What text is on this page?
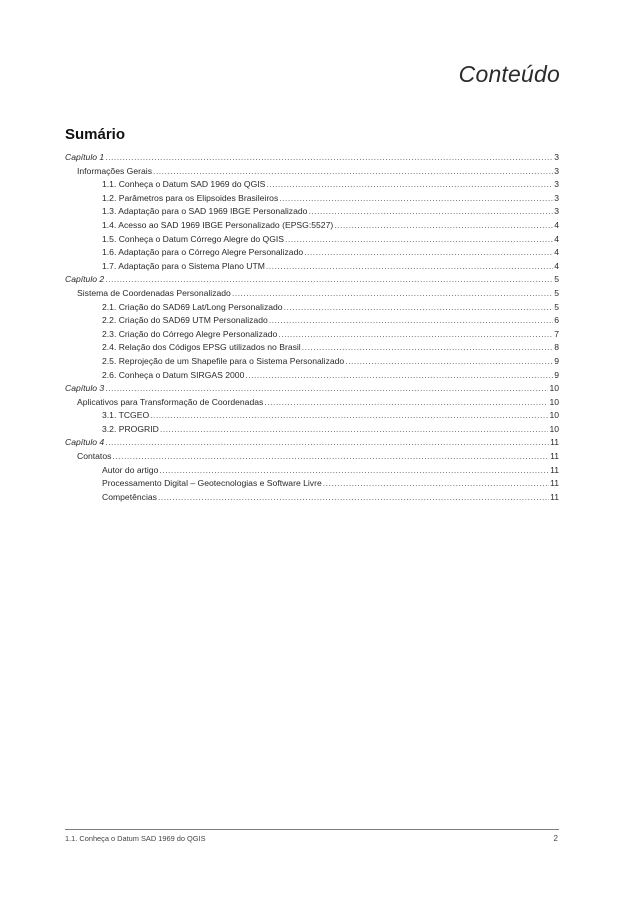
Conteúdo
Sumário
Capítulo 1 .....	3
Informações Gerais .....	3
1.1. Conheça o Datum SAD 1969 do QGIS .....	3
1.2. Parâmetros para os Elipsoides Brasileiros .....	3
1.3. Adaptação para o SAD 1969 IBGE Personalizado .....	3
1.4. Acesso ao SAD 1969 IBGE Personalizado (EPSG:5527) .....	4
1.5. Conheça o Datum Córrego Alegre do QGIS .....	4
1.6. Adaptação para o Córrego Alegre Personalizado .....	4
1.7. Adaptação para o Sistema Plano UTM .....	4
Capítulo 2 .....	5
Sistema de Coordenadas Personalizado .....	5
2.1. Criação do SAD69 Lat/Long Personalizado .....	5
2.2. Criação do SAD69 UTM Personalizado .....	6
2.3. Criação do Córrego Alegre Personalizado .....	7
2.4. Relação dos Códigos EPSG utilizados no Brasil .....	8
2.5. Reprojeção de um Shapefile para o Sistema Personalizado .....	9
2.6. Conheça o Datum SIRGAS 2000 .....	9
Capítulo 3 .....	10
Aplicativos para Transformação de Coordenadas .....	10
3.1. TCGEO .....	10
3.2. PROGRID .....	10
Capítulo 4 .....	11
Contatos .....	11
Autor do artigo .....	11
Processamento Digital – Geotecnologias e Software Livre .....	11
Competências .....	11
1.1. Conheça o Datum SAD 1969 do QGIS	2
